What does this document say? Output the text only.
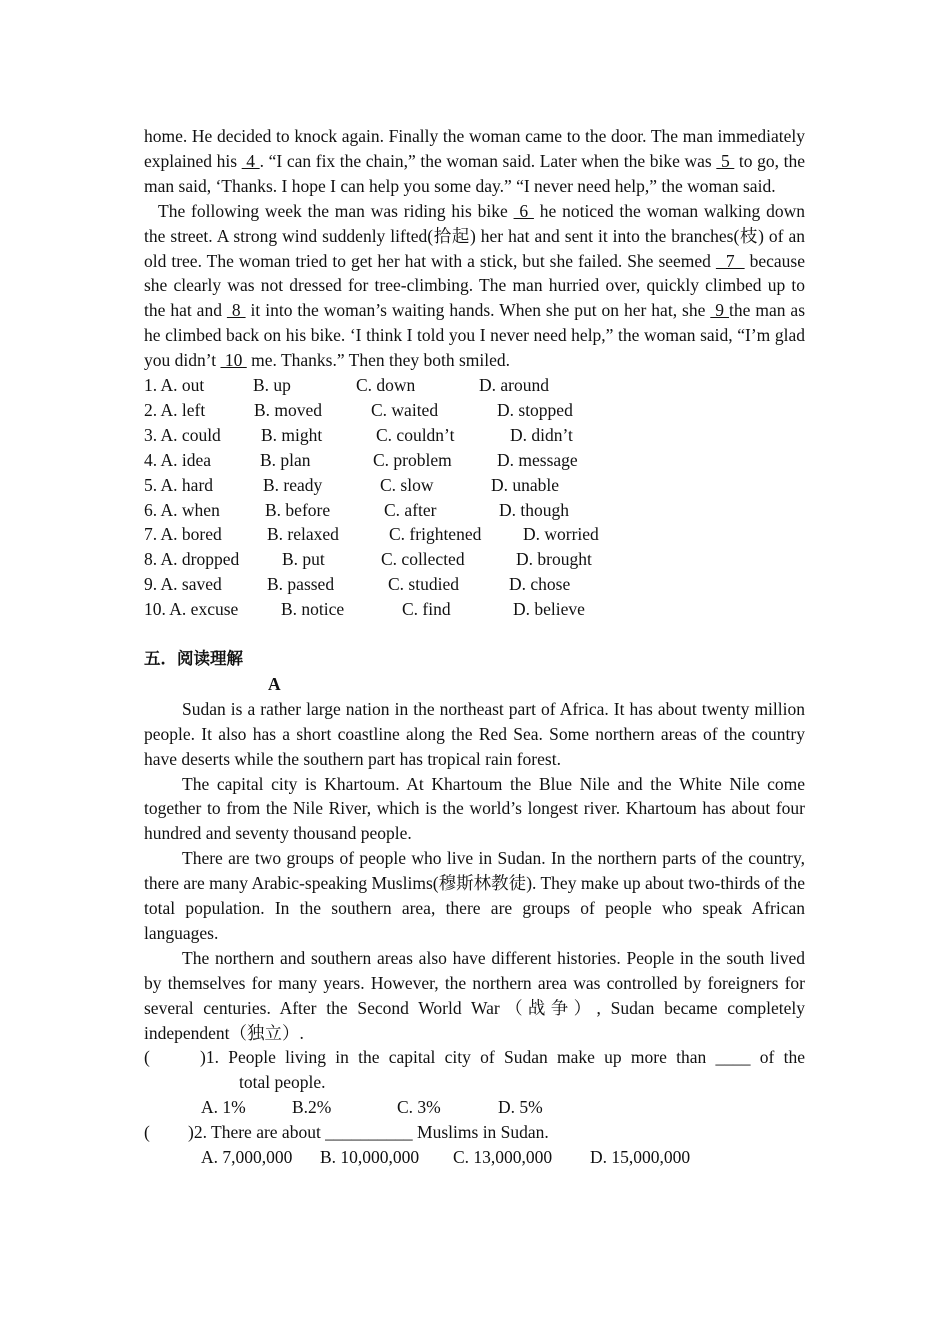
home. He decided to knock again. Finally the woman came to the door. The man immediately explained his  4 . “I can fix the chain,” the woman said. Later when the bike was  5  to go, the man said, ‘Thanks. I hope I can help you some day.” “I never need help,” the woman said.

The following week the man was riding his bike  6  he noticed the woman walking down the street. A strong wind suddenly lifted(拾起) her hat and sent it into the branches(枝) of an old tree. The woman tried to get her hat with a stick, but she failed. She seemed   7   because she clearly was not dressed for tree-climbing. The man hurried over, quickly climbed up to the hat and  8  it into the woman’s waiting hands. When she put on her hat, she  9 the man as he climbed back on his bike. ‘I think I told you I never need help,” the woman said, “I’m glad you didn’t  10  me. Thanks.” Then they both smiled.

1. A. out	B. up	C. down	D. around
2. A. left	B. moved	C. waited	D. stopped
3. A. could B. might	C. couldn’t	D. didn’t
4. A. idea	B. plan	C. problem	D. message
5. A. hard	B. ready	C. slow	D. unable
6. A. when	B. before	C. after	D. though
7. A. bored	B. relaxed	C. frightened D. worried
8. A. dropped B. put	C. collected	D. brought
9. A. saved	B. passed	C. studied	D. chose
10. A. excuse B. notice	C. find	D. believe

五．阅读理解

A

Sudan is a rather large nation in the northeast part of Africa. It has about twenty million people. It also has a short coastline along the Red Sea. Some northern areas of the country have deserts while the southern part has tropical rain forest.

The capital city is Khartoum. At Khartoum the Blue Nile and the White Nile come together to from the Nile River, which is the world’s longest river. Khartoum has about four hundred and seventy thousand people.

There are two groups of people who live in Sudan. In the northern parts of the country, there are many Arabic-speaking Muslims(穆斯林教徒). They make up about two-thirds of the total population. In the southern area, there are groups of people who speak African languages.

The northern and southern areas also have different histories. People in the south lived by themselves for many years. However, the northern area was controlled by foreigners for several centuries. After the Second World War（战争）, Sudan became completely independent（独立）.

(	)1. People living in the capital city of Sudan make up more than ____ of the

total people.

A. 1%	B.2%	C. 3%	D. 5%
( )2. There are about __________ Muslims in Sudan.
A. 7,000,000 B. 10,000,000 C. 13,000,000 D. 15,000,000
